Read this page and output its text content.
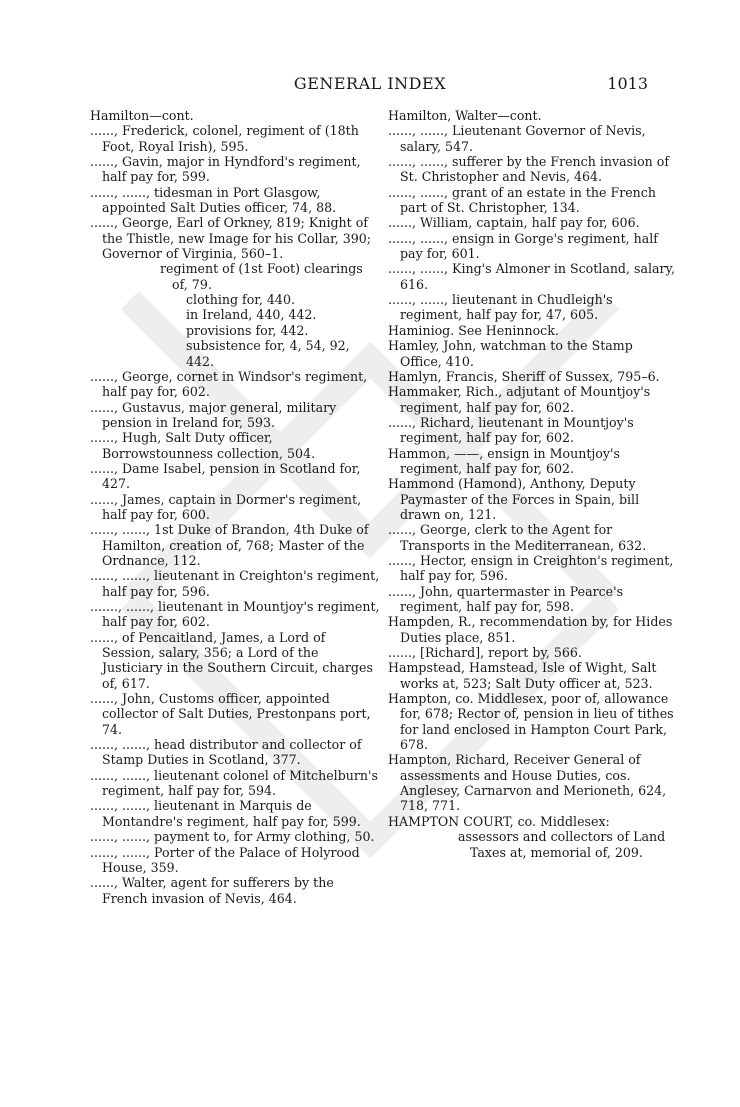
GENERAL INDEX	1013
Hamilton—cont.
......, Frederick, colonel, regiment of (18th Foot, Royal Irish), 595.
......, Gavin, major in Hyndford's regiment, half pay for, 599.
......, ......, tidesman in Port Glasgow, appointed Salt Duties officer, 74, 88.
......, George, Earl of Orkney, 819; Knight of the Thistle, new Image for his Collar, 390; Governor of Virginia, 560–1.
regiment of (1st Foot) clearings of, 79.
clothing for, 440.
in Ireland, 440, 442.
provisions for, 442.
subsistence for, 4, 54, 92, 442.
......, George, cornet in Windsor's regiment, half pay for, 602.
......, Gustavus, major general, military pension in Ireland for, 593.
......, Hugh, Salt Duty officer, Borrowstounness collection, 504.
......, Dame Isabel, pension in Scotland for, 427.
......, James, captain in Dormer's regiment, half pay for, 600.
......, ......, 1st Duke of Brandon, 4th Duke of Hamilton, creation of, 768; Master of the Ordnance, 112.
......, ......, lieutenant in Creighton's regiment, half pay for, 596.
......., ......, lieutenant in Mountjoy's regiment, half pay for, 602.
......, of Pencaitland, James, a Lord of Session, salary, 356; a Lord of the Justiciary in the Southern Circuit, charges of, 617.
......, John, Customs officer, appointed collector of Salt Duties, Prestonpans port, 74.
......, ......, head distributor and collector of Stamp Duties in Scotland, 377.
......, ......, lieutenant colonel of Mitchelburn's regiment, half pay for, 594.
......, ......, lieutenant in Marquis de Montandre's regiment, half pay for, 599.
......, ......, payment to, for Army clothing, 50.
......, ......, Porter of the Palace of Holyrood House, 359.
......, Walter, agent for sufferers by the French invasion of Nevis, 464.
Hamilton, Walter—cont.
......, ......, Lieutenant Governor of Nevis, salary, 547.
......, ......, sufferer by the French invasion of St. Christopher and Nevis, 464.
......, ......, grant of an estate in the French part of St. Christopher, 134.
......, William, captain, half pay for, 606.
......, ......, ensign in Gorge's regiment, half pay for, 601.
......, ......, King's Almoner in Scotland, salary, 616.
......, ......, lieutenant in Chudleigh's regiment, half pay for, 47, 605.
Haminiog. See Heninnock.
Hamley, John, watchman to the Stamp Office, 410.
Hamlyn, Francis, Sheriff of Sussex, 795–6.
Hammaker, Rich., adjutant of Mountjoy's regiment, half pay for, 602.
......, Richard, lieutenant in Mountjoy's regiment, half pay for, 602.
Hammon, ——, ensign in Mountjoy's regiment, half pay for, 602.
Hammond (Hamond), Anthony, Deputy Paymaster of the Forces in Spain, bill drawn on, 121.
......, George, clerk to the Agent for Transports in the Mediterranean, 632.
......, Hector, ensign in Creighton's regiment, half pay for, 596.
......, John, quartermaster in Pearce's regiment, half pay for, 598.
Hampden, R., recommendation by, for Hides Duties place, 851.
......, [Richard], report by, 566.
Hampstead, Hamstead, Isle of Wight, Salt works at, 523; Salt Duty officer at, 523.
Hampton, co. Middlesex, poor of, allowance for, 678; Rector of, pension in lieu of tithes for land enclosed in Hampton Court Park, 678.
Hampton, Richard, Receiver General of assessments and House Duties, cos. Anglesey, Carnarvon and Merioneth, 624, 718, 771.
HAMPTON COURT, co. Middlesex:
assessors and collectors of Land Taxes at, memorial of, 209.
